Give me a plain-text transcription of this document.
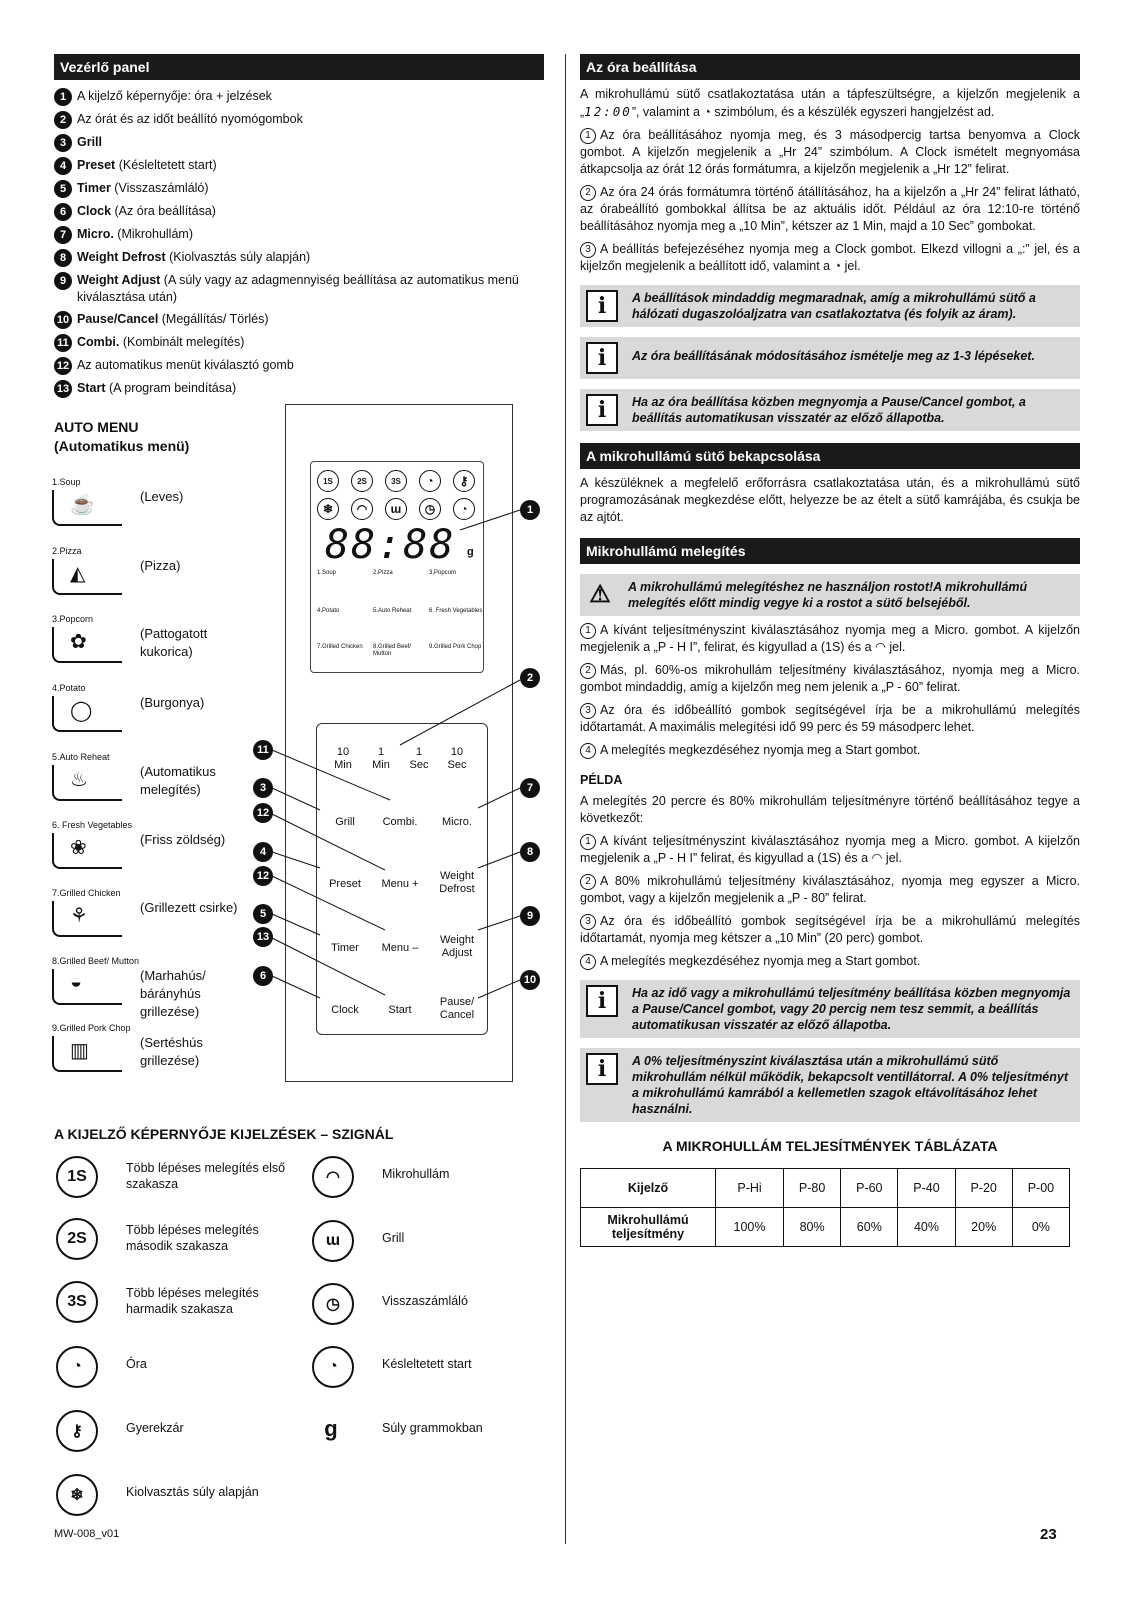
Vezérlő panel
1 A kijelző képernyője: óra + jelzések
2 Az órát és az időt beállító nyomógombok
3 Grill
4 Preset (Késleltetett start)
5 Timer (Visszaszámláló)
6 Clock (Az óra beállítása)
7 Micro. (Mikrohullám)
8 Weight Defrost (Kiolvasztás súly alapján)
9 Weight Adjust (A súly vagy az adagmennyiség beállítása az automatikus menü kiválasztása után)
10 Pause/Cancel (Megállítás/ Törlés)
11 Combi. (Kombinált melegítés)
12 Az automatikus menüt kiválasztó gomb
13 Start (A program beindítása)
AUTO MENU
(Automatikus menü)
1.Soup
☕	(Leves)
2.Pizza
◭	(Pizza)
3.Popcorn
✿	(Pattogatott kukorica)
4.Potato
◯	(Burgonya)
5.Auto Reheat
♨	(Automatikus melegítés)
6. Fresh Vegetables
❀	(Friss zöldség)
7.Grilled Chicken
⚘	(Grillezett csirke)
8.Grilled Beef/ Mutton
◒	(Marhahús/ bárányhús grillezése)
9.Grilled Pork Chop
▥	(Sertéshús grillezése)
1S	2S	3S	◔	⚷
❄	◠	ɯ	◷	◔
88:88 g
1.Soup	2.Pizza	3.Popcorn
4.Potato	5.Auto Reheat	6. Fresh Vegetables
7.Grilled Chicken	8.Grilled Beef/ Mutton
9.Grilled Pork Chop
10
Min
1
Min
1
Sec
10
Sec
Grill	Combi.	Micro.
Preset	Menu +
Weight Defrost
Timer	Menu –
Weight Adjust
Clock	Start
Pause/ Cancel
1
2
11
3
12
4
12
5
13
6
7
8
9
10
A KIJELZŐ KÉPERNYŐJE KIJELZÉSEK – SZIGNÁL
1S	Több lépéses melegítés első szakasza
2S	Több lépéses melegítés második szakasza
3S	Több lépéses melegítés harmadik szakasza
◔	Óra
⚷	Gyerekzár
❄	Kiolvasztás súly alapján
◠	Mikrohullám
ɯ	Grill
◷	Visszaszámláló
◔	Késleltetett start
g	Súly grammokban
Az óra beállítása

A mikrohullámú sütő csatlakoztatása után a tápfeszültségre, a kijelzőn megjelenik a „12:00”, valamint a ◔ szimbólum, és a készülék egyszeri hangjelzést ad.

1 Az óra beállításához nyomja meg, és 3 másodpercig tartsa benyomva a Clock gombot. A kijelzőn megjelenik a „Hr 24” szimbólum. A Clock ismételt megnyomása átkapcsolja az órát 12 órás formátumra, a kijelzőn megjelenik a „Hr 12” felirat.

2 Az óra 24 órás formátumra történő átállításához, ha a kijelzőn a „Hr 24” felirat látható, az órabeállító gombokkal állítsa be az aktuális időt. Például az óra 12:10-re történő beállításához nyomja meg a „10 Min”, kétszer az 1 Min, majd a 10 Sec” gombokat.

3 A beállítás befejezéséhez nyomja meg a Clock gombot. Elkezd villogni a „:” jel, és a kijelzőn megjelenik a beállított idő, valamint a ◔ jel.

i	A beállítások mindaddig megmaradnak, amíg a mikrohullámú sütő a hálózati dugaszolóaljzatra van csatlakoztatva (és folyik az áram).
i	Az óra beállításának módosításához ismételje meg az 1-3 lépéseket.
i	Ha az óra beállítása közben megnyomja a Pause/Cancel gombot, a beállítás automatikusan visszatér az előző állapotba.
A mikrohullámú sütő bekapcsolása

A készüléknek a megfelelő erőforrásra csatlakoztatása után, és a mikrohullámú sütő programozásának megkezdése előtt, helyezze be az ételt a sütő kamrájába, és csukja be az ajtót.

Mikrohullámú melegítés
⚠ A mikrohullámú melegítéshez ne használjon rostot!A mikrohullámú melegítés előtt mindig vegye ki a rostot a sütő belsejéből.

1 A kívánt teljesítményszint kiválasztásához nyomja meg a Micro. gombot. A kijelzőn megjelenik a „P - H I”, felirat, és kigyullad a (1S) és a ◠ jel.

2 Más, pl. 60%-os mikrohullám teljesítmény kiválasztásához, nyomja meg a Micro. gombot mindaddig, amíg a kijelzőn meg nem jelenik a „P - 60” felirat.

3 Az óra és időbeállító gombok segítségével írja be a mikrohullámú melegítés időtartamát. A maximális melegítési idő 99 perc és 59 másodperc lehet.

4 A melegítés megkezdéséhez nyomja meg a Start gombot.

PÉLDA

A melegítés 20 percre és 80% mikrohullám teljesítményre történő beállításához tegye a következőt:

1 A kívánt teljesítményszint kiválasztásához nyomja meg a Micro. gombot. A kijelzőn megjelenik a „P - H I” felirat, és kigyullad a (1S) és a ◠ jel.

2 A 80% mikrohullámú teljesítmény kiválasztásához, nyomja meg egyszer a Micro. gombot, vagy a kijelzőn megjelenik a „P - 80” felirat.

3 Az óra és időbeállító gombok segítségével írja be a mikrohullámú melegítés időtartamát, nyomja meg kétszer a „10 Min” (20 perc) gombot.

4 A melegítés megkezdéséhez nyomja meg a Start gombot.

i	Ha az idő vagy a mikrohullámú teljesítmény beállítása közben megnyomja a Pause/Cancel gombot, vagy 20 percig nem tesz semmit, a beállítás automatikusan visszatér az előző állapotba.
i	A 0% teljesítményszint kiválasztása után a mikrohullámú sütő mikrohullám nélkül működik, bekapcsolt ventillátorral. A 0% teljesítményt a mikrohullámú kamrából a kellemetlen szagok eltávolításához lehet használni.
A MIKROHULLÁM TELJESÍTMÉNYEK TÁBLÁZATA
Kijelző	P-Hi	P-80	P-60	P-40	P-20	P-00
Mikrohullámú teljesítmény	100%	80%	60%	40%	20%	0%
MW-008_v01	23
